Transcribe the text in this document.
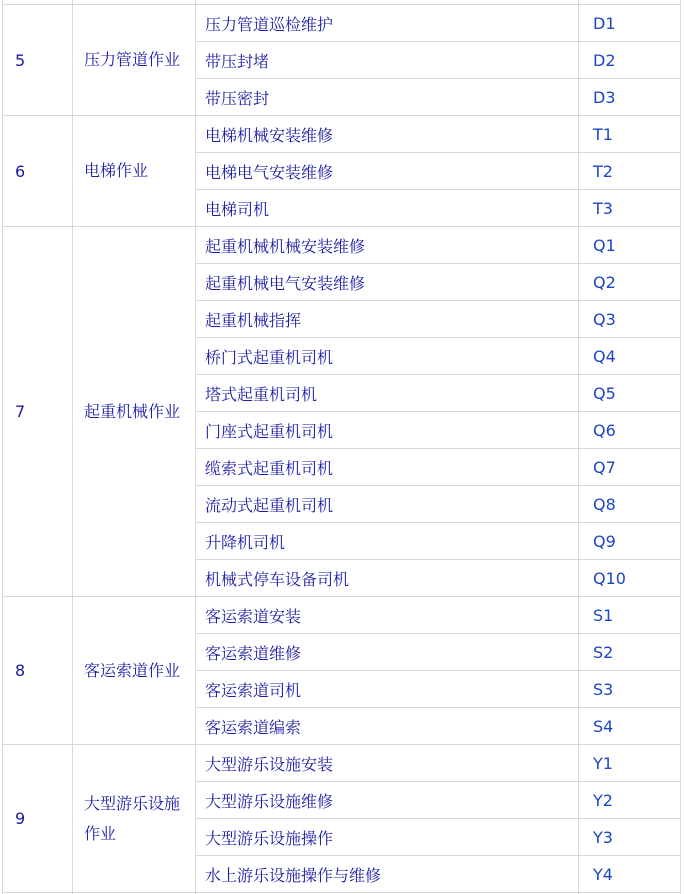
5	压力管道作业	压力管道巡检维护	D1
		带压封堵	D2
		带压密封	D3
6	电梯作业	电梯机械安装维修	T1
		电梯电气安装维修	T2
		电梯司机	T3
7	起重机械作业	起重机械机械安装维修	Q1
		起重机械电气安装维修	Q2
		起重机械指挥	Q3
		桥门式起重机司机	Q4
		塔式起重机司机	Q5
		门座式起重机司机	Q6
		缆索式起重机司机	Q7
		流动式起重机司机	Q8
		升降机司机	Q9
		机械式停车设备司机	Q10
8	客运索道作业	客运索道安装	S1
		客运索道维修	S2
		客运索道司机	S3
		客运索道编索	S4
9	大型游乐设施作业	大型游乐设施安装	Y1
		大型游乐设施维修	Y2
		大型游乐设施操作	Y3
		水上游乐设施操作与维修	Y4
